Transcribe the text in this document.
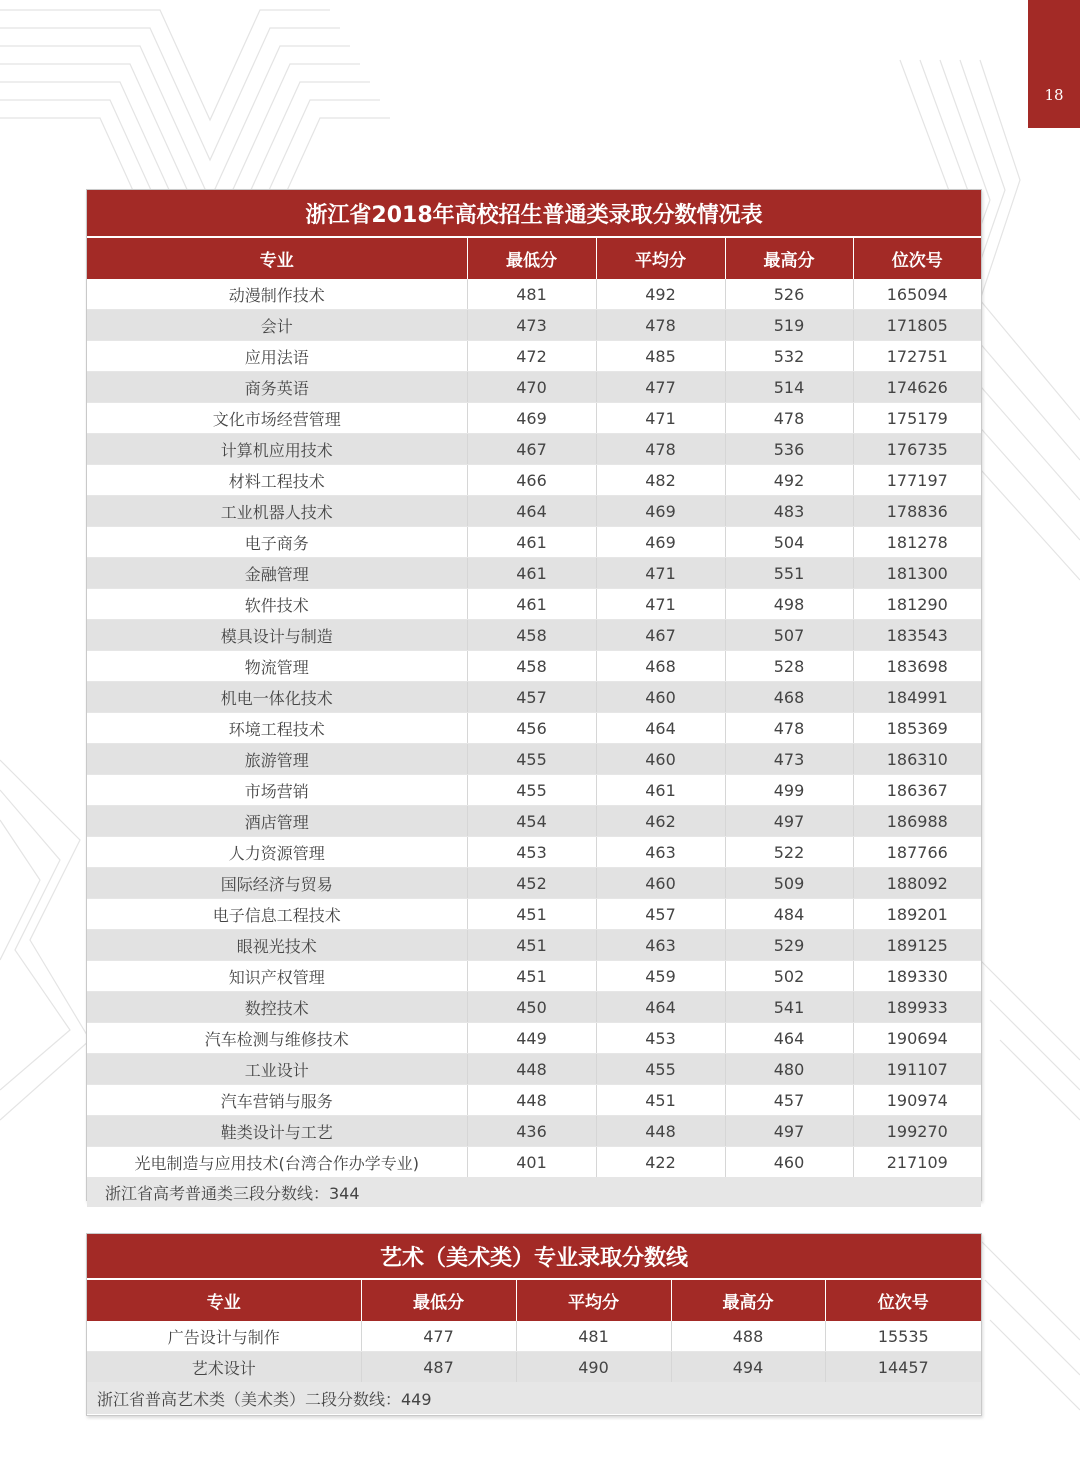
18
浙江省2018年高校招生普通类录取分数情况表				
专业	最低分	平均分	最高分	位次号
动漫制作技术	481	492	526	165094
会计	473	478	519	171805
应用法语	472	485	532	172751
商务英语	470	477	514	174626
文化市场经营管理	469	471	478	175179
计算机应用技术	467	478	536	176735
材料工程技术	466	482	492	177197
工业机器人技术	464	469	483	178836
电子商务	461	469	504	181278
金融管理	461	471	551	181300
软件技术	461	471	498	181290
模具设计与制造	458	467	507	183543
物流管理	458	468	528	183698
机电一体化技术	457	460	468	184991
环境工程技术	456	464	478	185369
旅游管理	455	460	473	186310
市场营销	455	461	499	186367
酒店管理	454	462	497	186988
人力资源管理	453	463	522	187766
国际经济与贸易	452	460	509	188092
电子信息工程技术	451	457	484	189201
眼视光技术	451	463	529	189125
知识产权管理	451	459	502	189330
数控技术	450	464	541	189933
汽车检测与维修技术	449	453	464	190694
工业设计	448	455	480	191107
汽车营销与服务	448	451	457	190974
鞋类设计与工艺	436	448	497	199270
光电制造与应用技术(台湾合作办学专业)	401	422	460	217109
浙江省高考普通类三段分数线：344				
艺术（美术类）专业录取分数线				
专业	最低分	平均分	最高分	位次号
广告设计与制作	477	481	488	15535
艺术设计	487	490	494	14457
浙江省普高艺术类（美术类）二段分数线：449				
